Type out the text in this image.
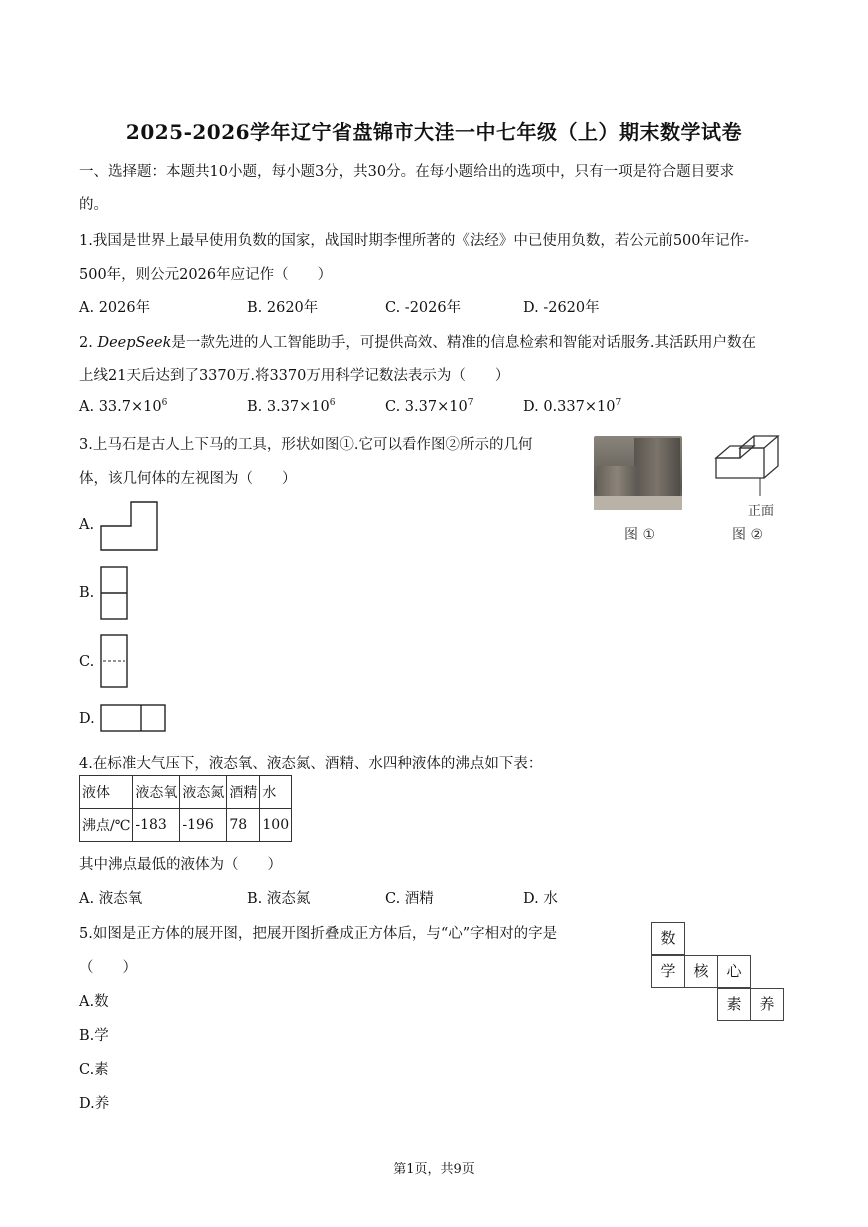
2025-2026学年辽宁省盘锦市大洼一中七年级（上）期末数学试卷
一、选择题：本题共10小题，每小题3分，共30分。在每小题给出的选项中，只有一项是符合题目要求
的。
1.我国是世界上最早使用负数的国家，战国时期李悝所著的《法经》中已使用负数，若公元前500年记作-
500年，则公元2026年应记作（　　）
A. 2026年	B. 2620年	C. -2026年	D. -2620年
2. DeepSeek是一款先进的人工智能助手，可提供高效、精准的信息检索和智能对话服务.其活跃用户数在
上线21天后达到了3370万.将3370万用科学记数法表示为（　　）
A. $33.7\times 10^6$	B. $3.37\times 10^6$	C. $3.37\times 10^7$	D. $0.337\times 10^7$
3.上马石是古人上下马的工具，形状如图①.它可以看作图②所示的几何
体，该几何体的左视图为（　　）
图 ①
正面
图 ②
A.
B.
C.
D.
4.在标准大气压下，液态氧、液态氮、酒精、水四种液体的沸点如下表：
液体	液态氧	液态氮	酒精	水
沸点/℃	-183	-196	78	100
其中沸点最低的液体为（　　）
A. 液态氧	B. 液态氮	C. 酒精	D. 水
5.如图是正方体的展开图，把展开图折叠成正方体后，与“心”字相对的字是
（　　）
数
学	核	心
素	养
A.数
B.学
C.素
D.养
第1页，共9页
